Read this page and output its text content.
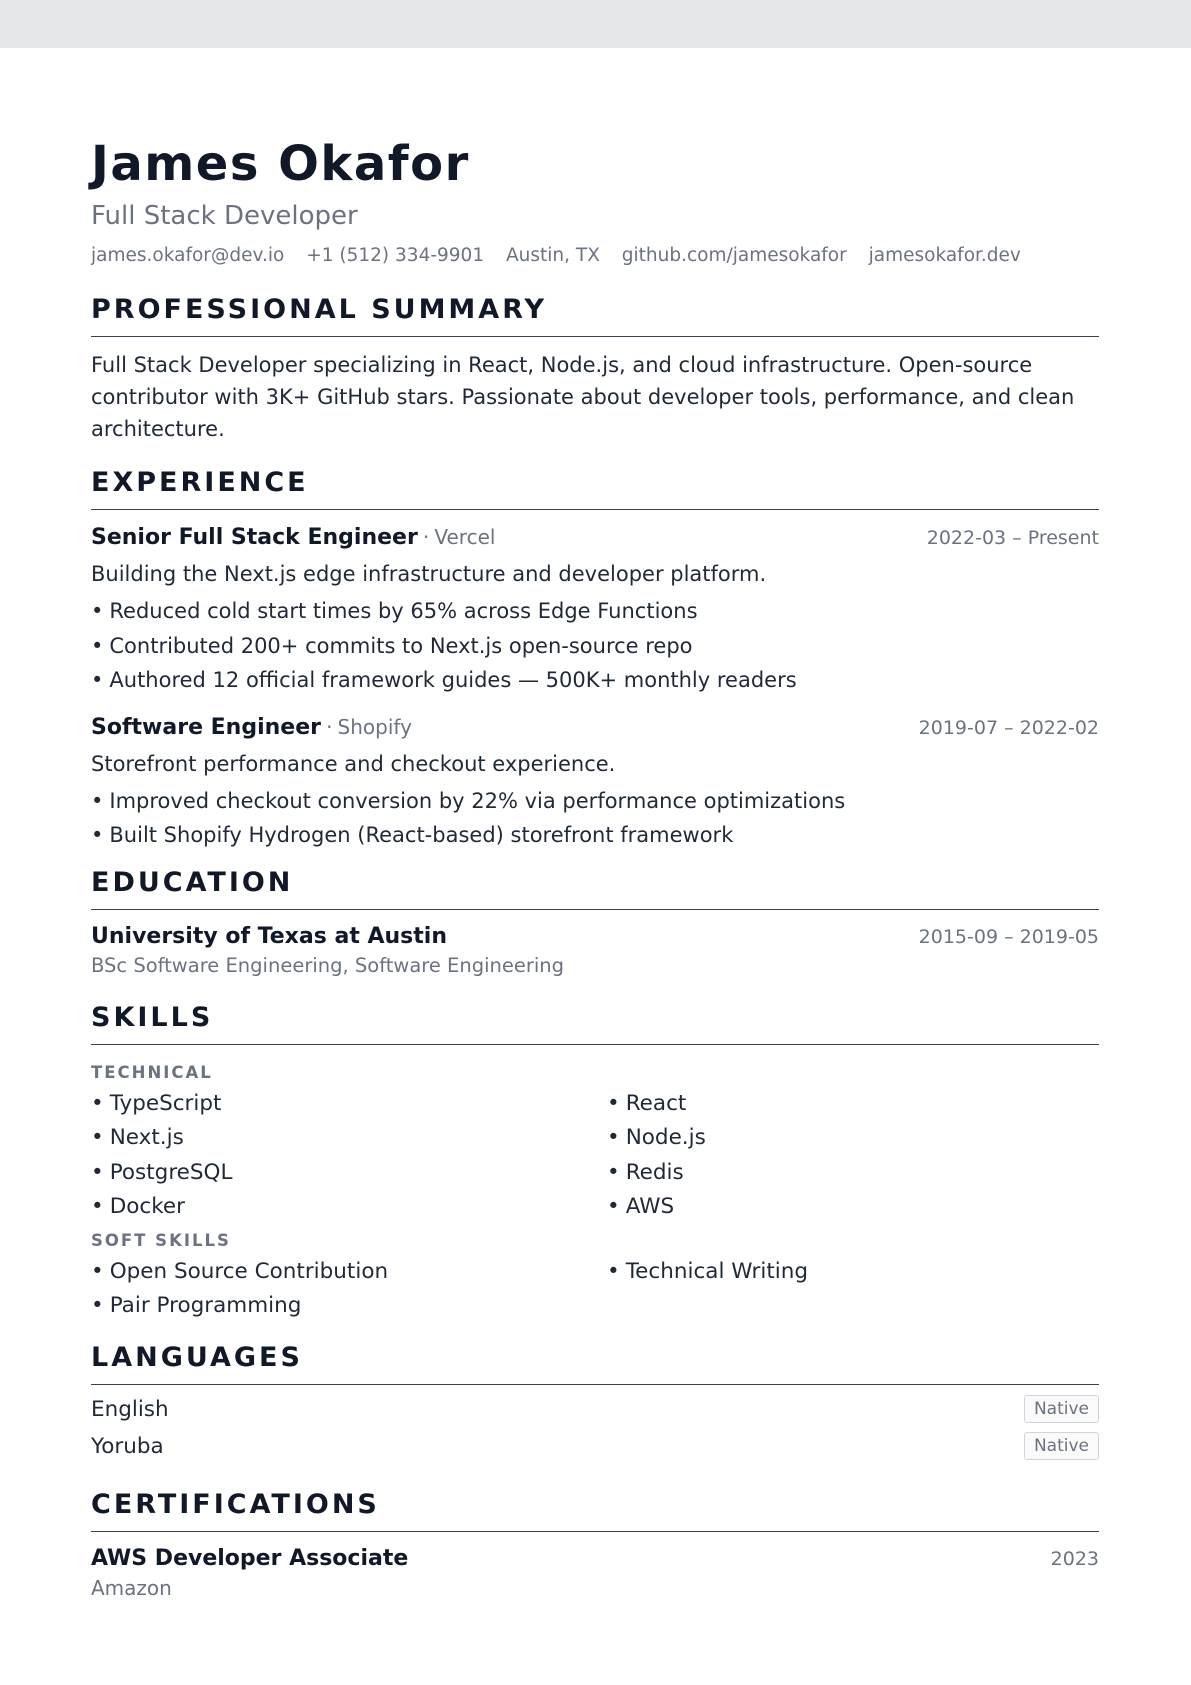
James Okafor
Full Stack Developer
james.okafor@dev.io +1 (512) 334-9901 Austin, TX github.com/jamesokafor jamesokafor.dev
PROFESSIONAL SUMMARY

Full Stack Developer specializing in React, Node.js, and cloud infrastructure. Open-source contributor with 3K+ GitHub stars. Passionate about developer tools, performance, and clean architecture.

EXPERIENCE
Senior Full Stack Engineer · Vercel	2022-03 – Present
Building the Next.js edge infrastructure and developer platform.
• Reduced cold start times by 65% across Edge Functions
• Contributed 200+ commits to Next.js open-source repo
• Authored 12 official framework guides — 500K+ monthly readers
Software Engineer · Shopify	2019-07 – 2022-02
Storefront performance and checkout experience.
• Improved checkout conversion by 22% via performance optimizations
• Built Shopify Hydrogen (React-based) storefront framework
EDUCATION
University of Texas at Austin	2015-09 – 2019-05
BSc Software Engineering, Software Engineering
SKILLS
TECHNICAL
• TypeScript	• React
• Next.js	• Node.js
• PostgreSQL	• Redis
• Docker	• AWS
SOFT SKILLS
• Open Source Contribution	• Technical Writing
• Pair Programming
LANGUAGES
English	Native
Yoruba	Native
CERTIFICATIONS
AWS Developer Associate	2023
Amazon
